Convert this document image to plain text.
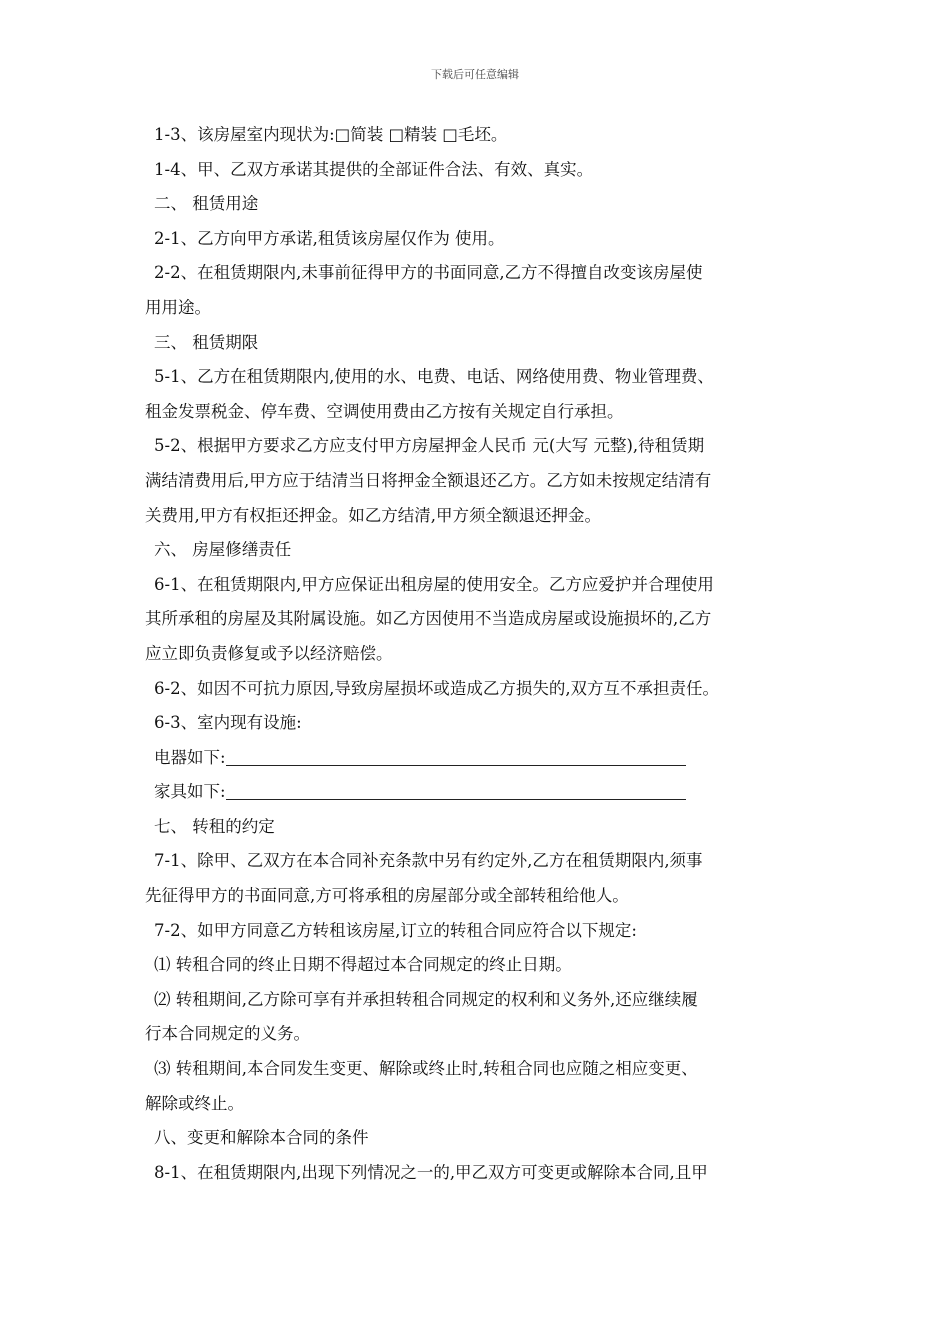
下载后可任意编辑

1-3、该房屋室内现状为:□简装 □精装 □毛坯。

1-4、甲、乙双方承诺其提供的全部证件合法、有效、真实。

二、 租赁用途

2-1、乙方向甲方承诺,租赁该房屋仅作为 使用。

2-2、在租赁期限内,未事前征得甲方的书面同意,乙方不得擅自改变该房屋使

用用途。

三、 租赁期限

5-1、乙方在租赁期限内,使用的水、电费、电话、网络使用费、物业管理费、

租金发票税金、停车费、空调使用费由乙方按有关规定自行承担。

5-2、根据甲方要求乙方应支付甲方房屋押金人民币 元(大写 元整),待租赁期

满结清费用后,甲方应于结清当日将押金全额退还乙方。乙方如未按规定结清有

关费用,甲方有权拒还押金。如乙方结清,甲方须全额退还押金。

六、 房屋修缮责任

6-1、在租赁期限内,甲方应保证出租房屋的使用安全。乙方应爱护并合理使用

其所承租的房屋及其附属设施。如乙方因使用不当造成房屋或设施损坏的,乙方

应立即负责修复或予以经济赔偿。

6-2、如因不可抗力原因,导致房屋损坏或造成乙方损失的,双方互不承担责任。

6-3、室内现有设施:

电器如下:

家具如下:

七、 转租的约定

7-1、除甲、乙双方在本合同补充条款中另有约定外,乙方在租赁期限内,须事

先征得甲方的书面同意,方可将承租的房屋部分或全部转租给他人。

7-2、如甲方同意乙方转租该房屋,订立的转租合同应符合以下规定:

⑴ 转租合同的终止日期不得超过本合同规定的终止日期。

⑵ 转租期间,乙方除可享有并承担转租合同规定的权利和义务外,还应继续履

行本合同规定的义务。

⑶ 转租期间,本合同发生变更、解除或终止时,转租合同也应随之相应变更、

解除或终止。

八、变更和解除本合同的条件

8-1、在租赁期限内,出现下列情况之一的,甲乙双方可变更或解除本合同,且甲
